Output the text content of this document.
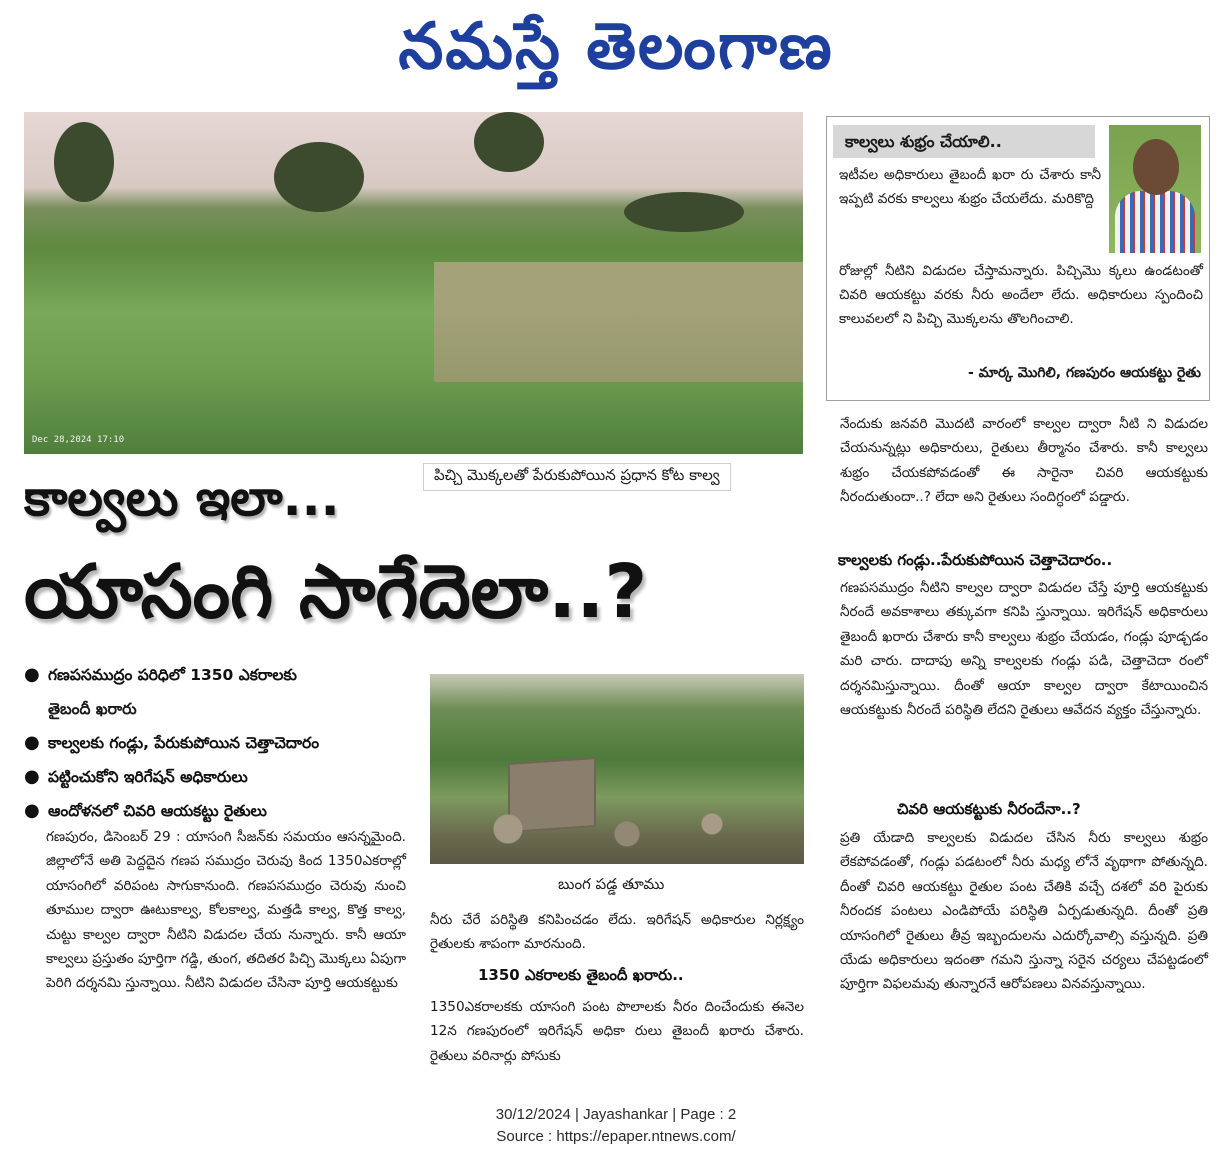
నమస్తే తెలంగాణ
Dec 28,2024 17:10
పిచ్చి మొక్కలతో పేరుకుపోయిన ప్రధాన కోట కాల్వ
కాల్వలు ఇలా...
యాసంగి సాగేదెలా..?
● గణపసముద్రం పరిధిలో 1350 ఎకరాలకు
తైబందీ ఖరారు
● కాల్వలకు గండ్లు, పేరుకుపోయిన చెత్తాచెదారం
● పట్టించుకోని ఇరిగేషన్ అధికారులు
● ఆందోళనలో చివరి ఆయకట్టు రైతులు
గణపురం, డిసెంబర్ 29 : యాసంగి సీజన్‌కు సమయం ఆసన్నమైంది. జిల్లాలోనే అతి పెద్దదైన గణప సముద్రం చెరువు కింద 1350ఎకరాల్లో యాసంగిలో వరిపంట సాగుకానుంది. గణపసముద్రం చెరువు నుంచి తూముల ద్వారా ఊటుకాల్వ, కోలకాల్వ, మత్తడి కాల్వ, కొత్త కాల్వ, చుట్టు కాల్వల ద్వారా నీటిని విడుదల చేయ నున్నారు. కానీ ఆయా కాల్వలు ప్రస్తుతం పూర్తిగా గడ్డి, తుంగ, తదితర పిచ్చి మొక్కలు ఏపుగా పెరిగి దర్శనమి స్తున్నాయి. నీటిని విడుదల చేసినా పూర్తి ఆయకట్టుకు
బుంగ పడ్డ తూము
నీరు చేరే పరిస్థితి కనిపించడం లేదు. ఇరిగేషన్ అధికారుల నిర్లక్ష్యం రైతులకు శాపంగా మారనుంది.
1350 ఎకరాలకు తైబందీ ఖరారు..
1350ఎకరాలకకు యాసంగి పంట పొలాలకు నీరం దించేందుకు ఈనెల 12న గణపురంలో ఇరిగేషన్ అధికా రులు తైబందీ ఖరారు చేశారు. రైతులు వరినార్లు పోసుకు
కాల్వలు శుభ్రం చేయాలి..
ఇటీవల అధికారులు తైబందీ ఖరా రు చేశారు కానీ ఇప్పటి వరకు కాల్వలు శుభ్రం చేయలేదు. మరికొద్ది
రోజుల్లో నీటిని విడుదల చేస్తామన్నారు. పిచ్చిమొ క్కలు ఉండటంతో చివరి ఆయకట్టు వరకు నీరు అందేలా లేదు. అధికారులు స్పందించి కాలువలలో ని పిచ్చి మొక్కలను తొలగించాలి.
- మార్క మొగిలి, గణపురం ఆయకట్టు రైతు
నేందుకు జనవరి మొదటి వారంలో కాల్వల ద్వారా నీటి ని విడుదల చేయనున్నట్లు అధికారులు, రైతులు తీర్మానం చేశారు. కానీ కాల్వలు శుభ్రం చేయకపోవడంతో ఈ సారైనా చివరి ఆయకట్టుకు నీరందుతుందా..? లేదా అని రైతులు సందిగ్ధంలో పడ్డారు.
కాల్వలకు గండ్లు..పేరుకుపోయిన చెత్తాచెదారం..
గణపసముద్రం నీటిని కాల్వల ద్వారా విడుదల చేస్తే పూర్తి ఆయకట్టుకు నీరందే అవకాశాలు తక్కువగా కనిపి స్తున్నాయి. ఇరిగేషన్ అధికారులు తైబందీ ఖరారు చేశారు కానీ కాల్వలు శుభ్రం చేయడం, గండ్లు పూడ్చడం మరి చారు. దాదాపు అన్ని కాల్వలకు గండ్లు పడి, చెత్తాచెదా రంలో దర్శనమిస్తున్నాయి. దీంతో ఆయా కాల్వల ద్వారా కేటాయించిన ఆయకట్టుకు నీరందే పరిస్థితి లేదని రైతులు ఆవేదన వ్యక్తం చేస్తున్నారు.
చివరి ఆయకట్టుకు నీరందేనా..?
ప్రతి యేడాది కాల్వలకు విడుదల చేసిన నీరు కాల్వలు శుభ్రం లేకపోవడంతో, గండ్లు పడటంలో నీరు మధ్య లోనే వృథాగా పోతున్నది. దీంతో చివరి ఆయకట్టు రైతుల పంట చేతికి వచ్చే దశలో వరి పైరుకు నీరందక పంటలు ఎండిపోయే పరిస్థితి ఏర్పడుతున్నది. దీంతో ప్రతి యాసంగిలో రైతులు తీవ్ర ఇబ్బందులను ఎదుర్కోవాల్సి వస్తున్నది. ప్రతి యేడు అధికారులు ఇదంతా గమని స్తున్నా సరైన చర్యలు చేపట్టడంలో పూర్తిగా విఫలమవు తున్నారనే ఆరోపణలు వినవస్తున్నాయి.
30/12/2024 | Jayashankar | Page : 2
Source : https://epaper.ntnews.com/
